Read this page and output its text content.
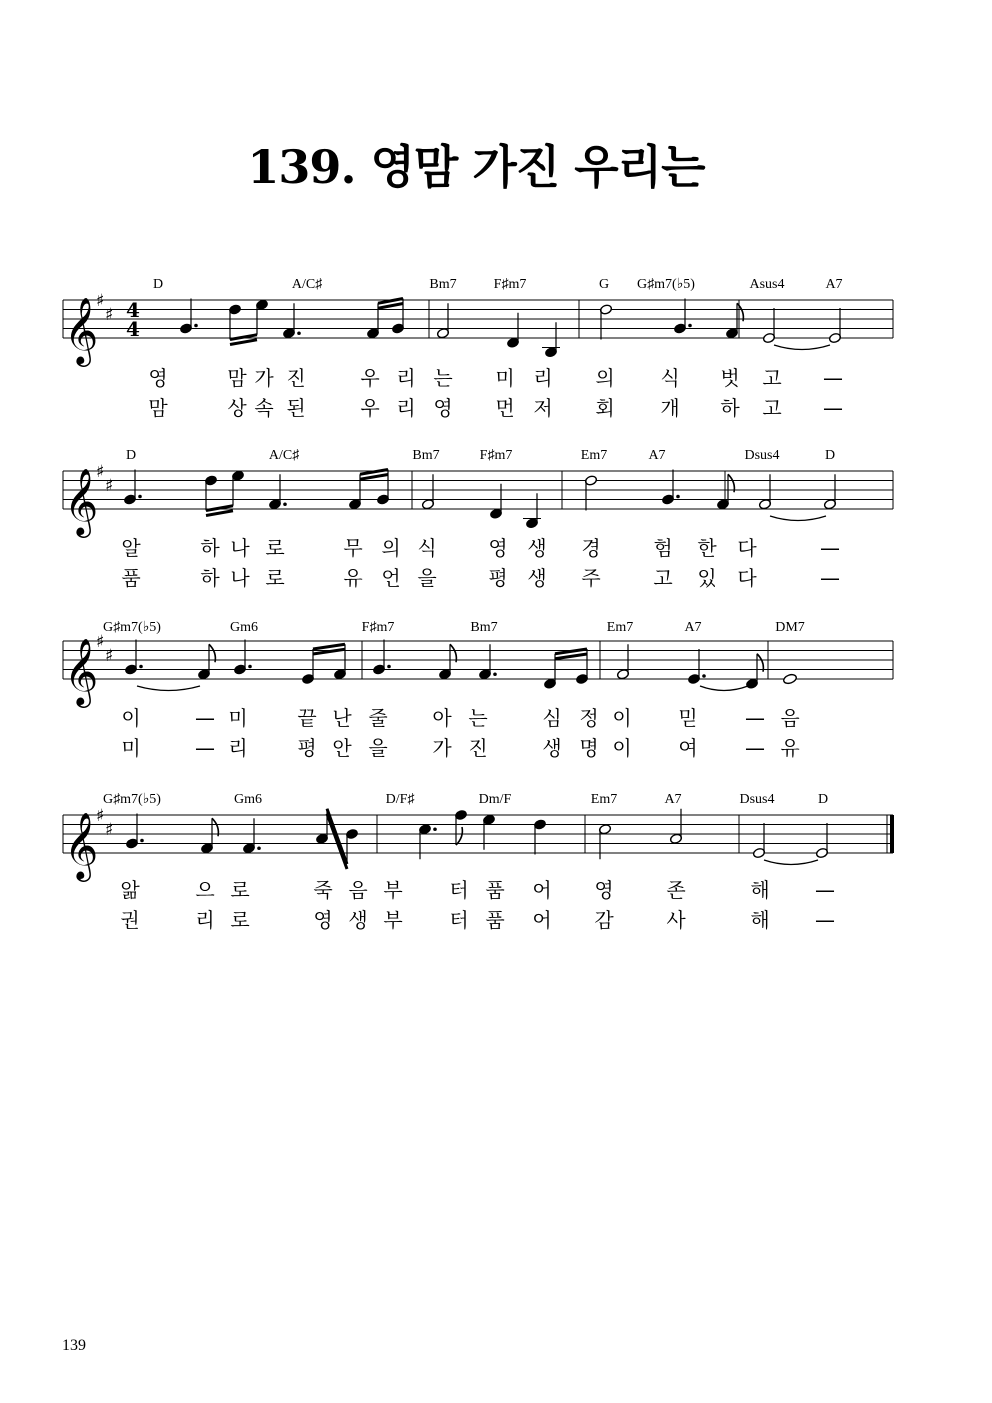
139. 영맘 가진 우리는
𝄞
♯
♯ 4
4
D	A/C♯	Bm7	F♯m7	G G♯m7(♭5)	Asus4	A7
영	맘 가 진	우 리 는 미 리 의 식 벗 고 —
맘	상 속 된	우 리 영 먼 저 회 개 하 고 —
𝄞
♯
♯
D	A/C♯	Bm7	F♯m7	Em7	A7	Dsus4	D
알	하 나 로	무 의 식	영 생 경	험 한 다	—
품	하 나 로	유 언 을	평 생 주	고 있 다	—
𝄞
♯
♯
G♯m7(♭5)	Gm6	F♯m7	Bm7	Em7	A7	DM7
이	— 미 끝 난 줄 아 는	심 정 이 믿 — 음
미	— 리 평 안 을 가 진	생 명 이 여 — 유
𝄞
♯
♯
G♯m7(♭5)	Gm6	D/F♯	Dm/F	Em7	A7	Dsus4	D
앎	으 로	죽 음 부 터 품 어 영	존	해 —
권	리 로	영 생 부 터 품 어 감	사	해 —
139
